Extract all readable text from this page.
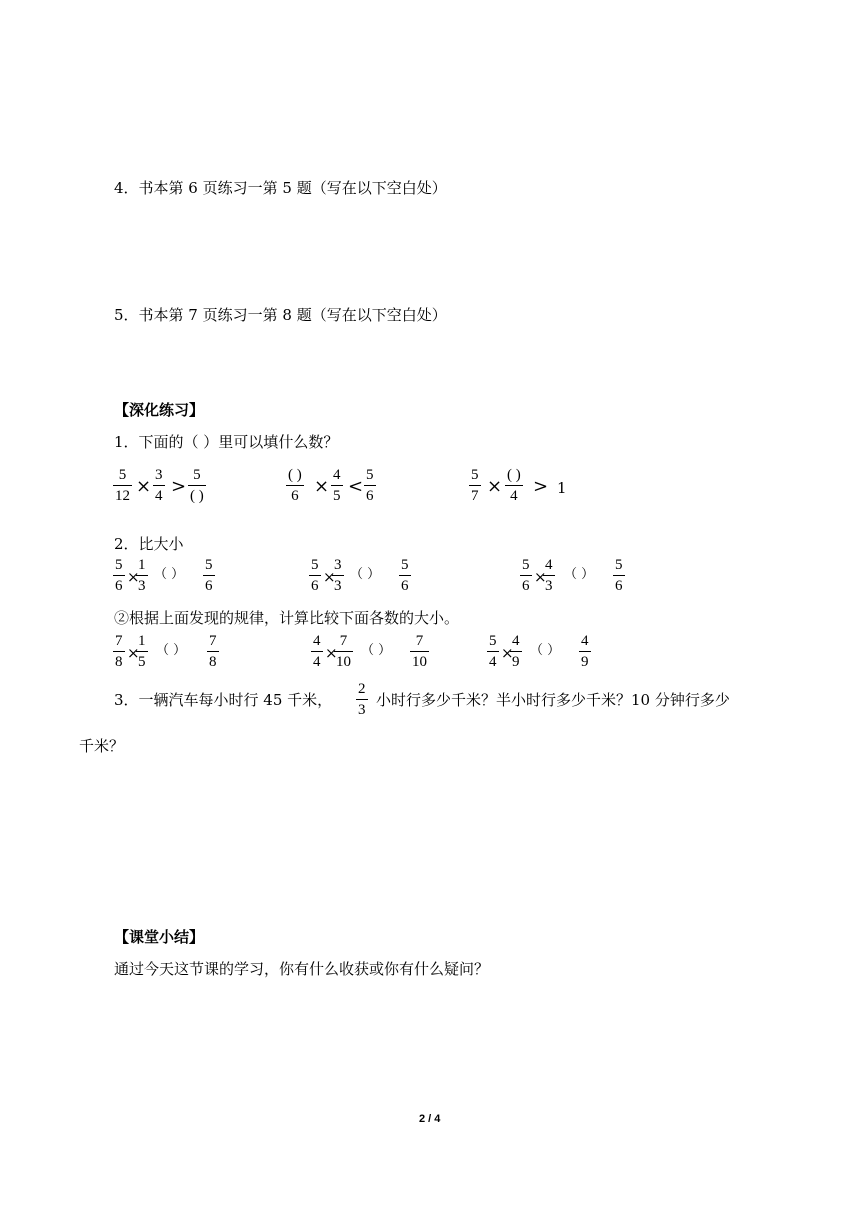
4．书本第 6 页练习一第 5 题（写在以下空白处）
5．书本第 7 页练习一第 8 题（写在以下空白处）
【深化练习】
1．下面的（ ）里可以填什么数？
5
12 ×
3
4 >
5
( )
( )
6 ×
4
5 <
5
6
5
7 ×
( )
4 > 1
2．比大小
5
6 ×
1
3
（ ）
5
6
5
6 ×
3
3
（ ）
5
6
5
6 ×
4
3
（ ）
5
6
②根据上面发现的规律，计算比较下面各数的大小。
7
8 ×
1
5
（ ）
7
8
4
4 ×
7
10
（ ）
7
10
5
4 ×
4
9
（ ）
4
9
3．一辆汽车每小时行 45 千米，
2
3
小时行多少千米？半小时行多少千米？10 分钟行多少
千米？
【课堂小结】
通过今天这节课的学习，你有什么收获或你有什么疑问？
2 / 4
